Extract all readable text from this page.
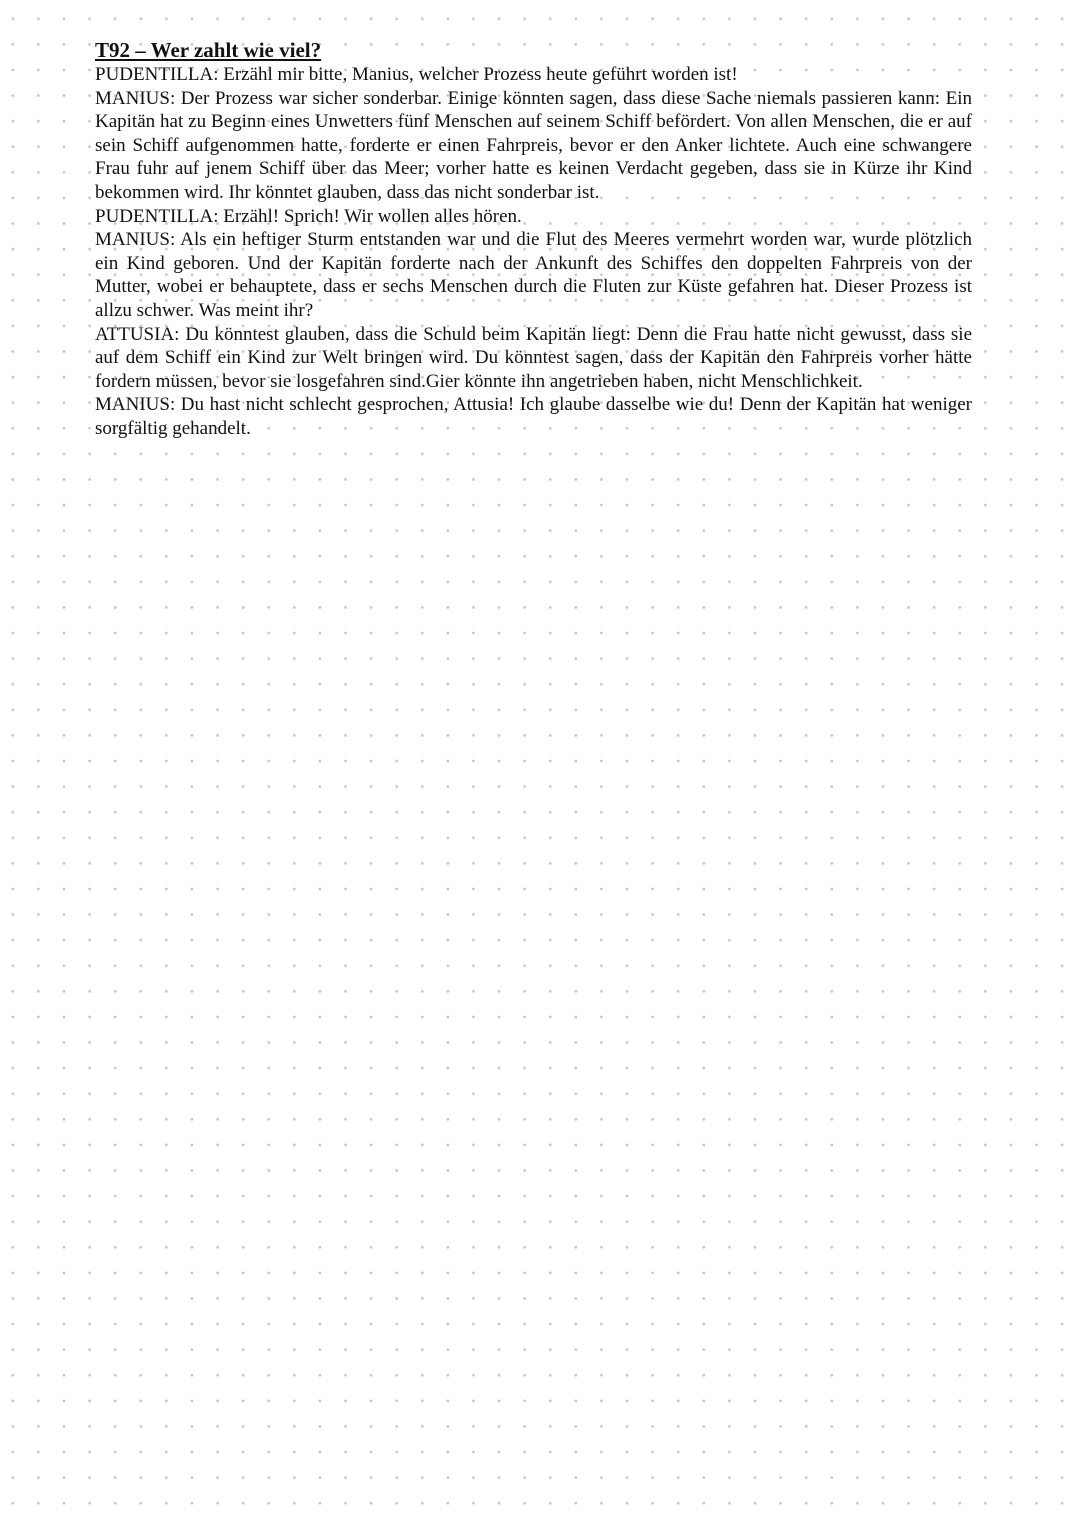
T92 – Wer zahlt wie viel?

PUDENTILLA: Erzähl mir bitte, Manius, welcher Prozess heute geführt worden ist!

MANIUS: Der Prozess war sicher sonderbar. Einige könnten sagen, dass diese Sache niemals passieren kann: Ein Kapitän hat zu Beginn eines Unwetters fünf Menschen auf seinem Schiff befördert. Von allen Menschen, die er auf sein Schiff aufgenommen hatte, forderte er einen Fahrpreis, bevor er den Anker lichtete. Auch eine schwangere Frau fuhr auf jenem Schiff über das Meer; vorher hatte es keinen Verdacht gegeben, dass sie in Kürze ihr Kind bekommen wird. Ihr könntet glauben, dass das nicht sonderbar ist.

PUDENTILLA: Erzähl! Sprich! Wir wollen alles hören.

MANIUS: Als ein heftiger Sturm entstanden war und die Flut des Meeres vermehrt worden war, wurde plötzlich ein Kind geboren. Und der Kapitän forderte nach der Ankunft des Schiffes den doppelten Fahrpreis von der Mutter, wobei er behauptete, dass er sechs Menschen durch die Fluten zur Küste gefahren hat. Dieser Prozess ist allzu schwer. Was meint ihr?

ATTUSIA: Du könntest glauben, dass die Schuld beim Kapitän liegt: Denn die Frau hatte nicht gewusst, dass sie auf dem Schiff ein Kind zur Welt bringen wird. Du könntest sagen, dass der Kapitän den Fahrpreis vorher hätte fordern müssen, bevor sie losgefahren sind.Gier könnte ihn angetrieben haben, nicht Menschlichkeit.

MANIUS: Du hast nicht schlecht gesprochen, Attusia! Ich glaube dasselbe wie du! Denn der Kapitän hat weniger sorgfältig gehandelt.
